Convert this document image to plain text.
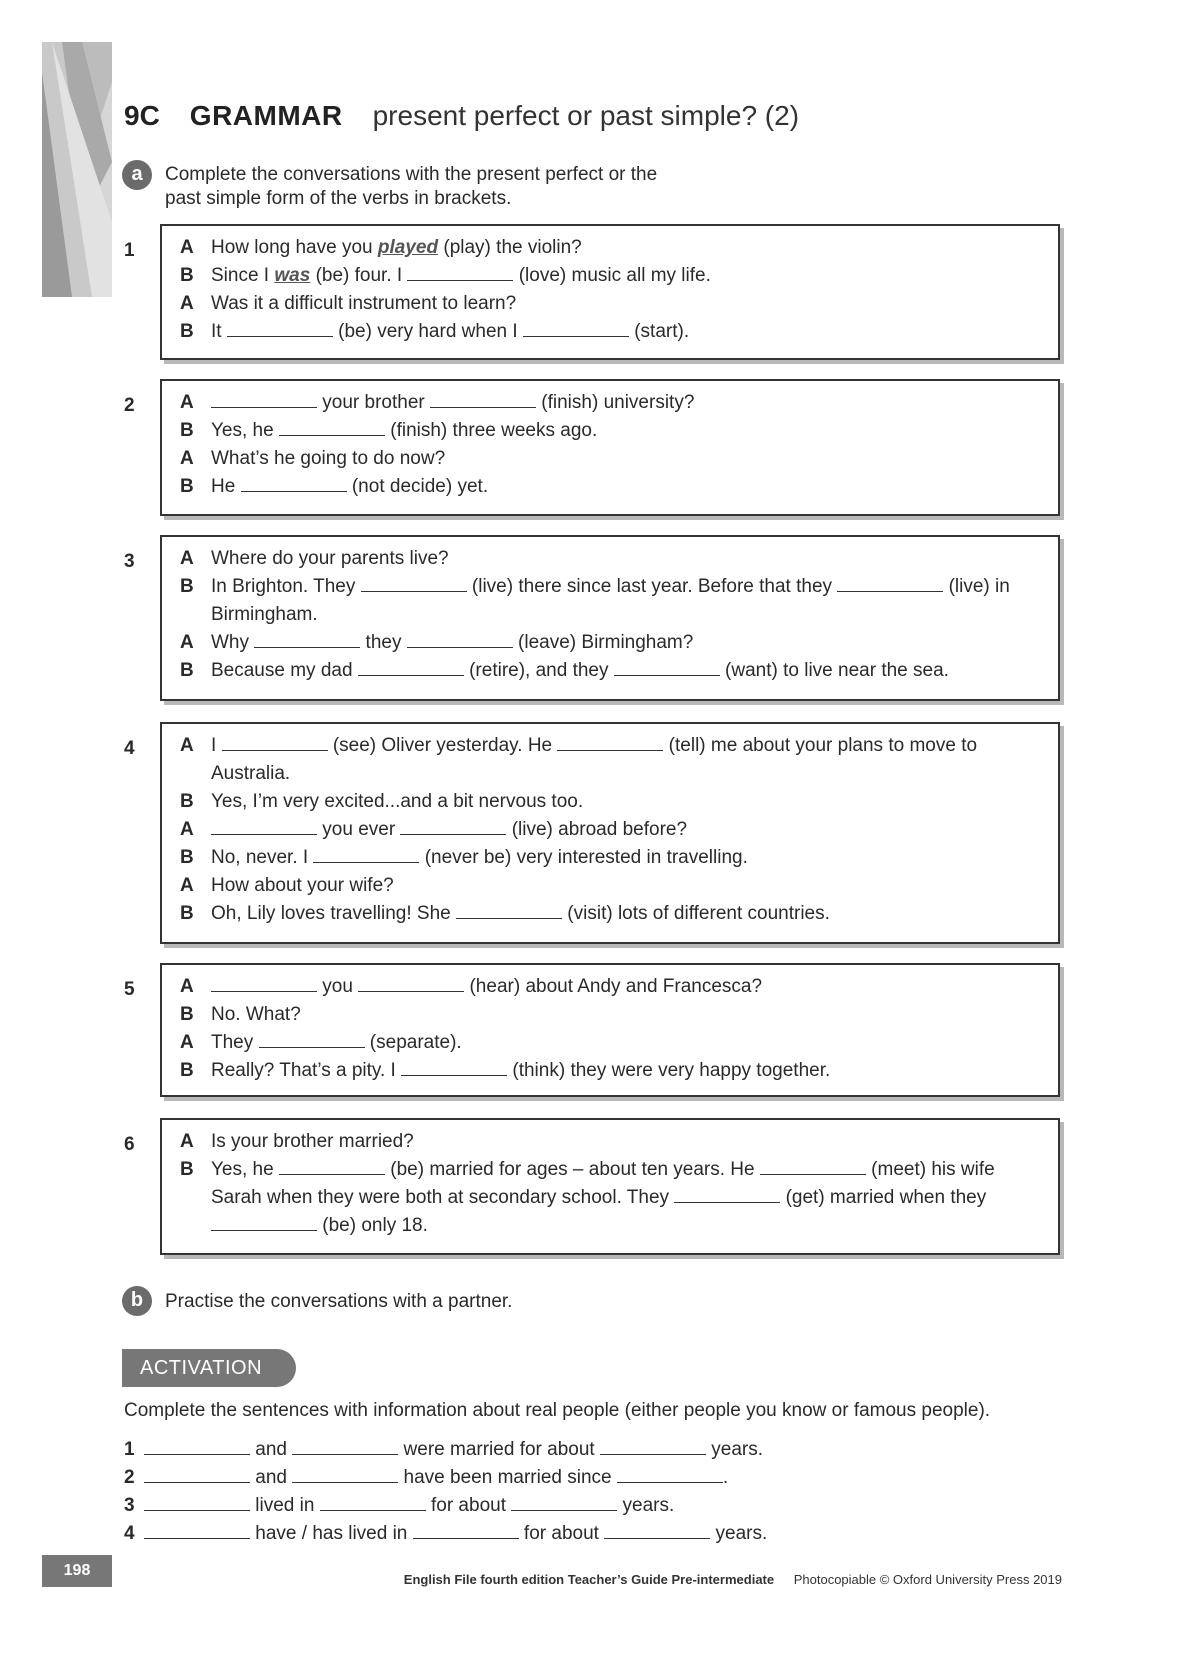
9C GRAMMAR present perfect or past simple? (2)
a	Complete the conversations with the present perfect or the
past simple form of the verbs in brackets.
1 A How long have you played (play) the violin?
B Since I was (be) four. I	(love) music all my life.
A Was it a difficult instrument to learn?
B It	(be) very hard when I	(start).
2 A	your brother	(finish) university?
B Yes, he	(finish) three weeks ago.
A What’s he going to do now?
B He	(not decide) yet.
3 A Where do your parents live?
B In Brighton. They	(live) there since last year. Before that they	(live) in Birmingham.
A Why	they	(leave) Birmingham?
B Because my dad	(retire), and they	(want) to live near the sea.
4 A I	(see) Oliver yesterday. He	(tell) me about your plans to move to Australia.
B Yes, I’m very excited...and a bit nervous too.
A	you ever	(live) abroad before?
B No, never. I	(never be) very interested in travelling.
A How about your wife?
B Oh, Lily loves travelling! She	(visit) lots of different countries.
5 A	you	(hear) about Andy and Francesca?
B No. What?
A They	(separate).
B Really? That’s a pity. I	(think) they were very happy together.
6 A Is your brother married?
B Yes, he	(be) married for ages – about ten years. He	(meet) his wife Sarah when they were both at secondary school. They	(get) married when they  (be) only 18.
b	Practise the conversations with a partner.
ACTIVATION
Complete the sentences with information about real people (either people you know or famous people).
1	and	were married for about	years.
2	and	have been married since	.
3	lived in	for about	years.
4	have / has lived in	for about	years.
198
English File fourth edition Teacher’s Guide Pre-intermediate Photocopiable © Oxford University Press 2019
